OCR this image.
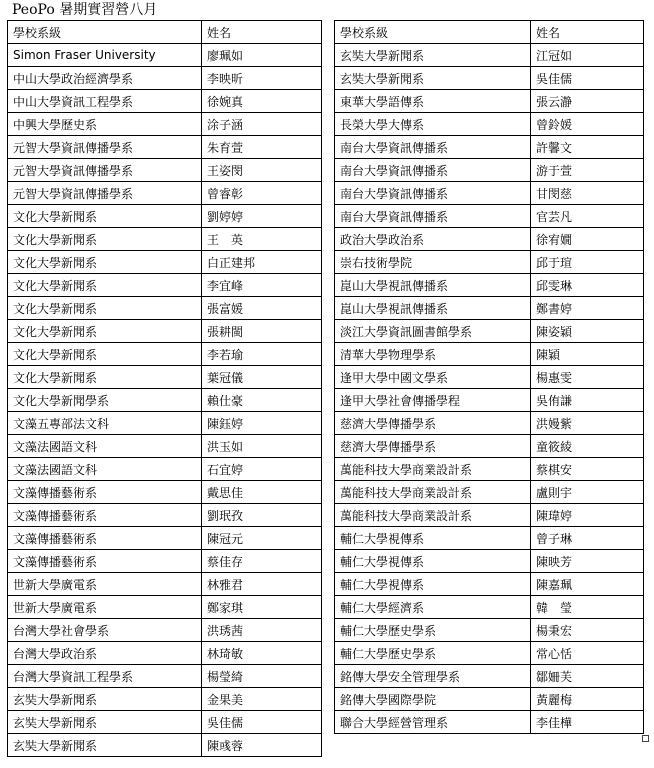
PeoPo 暑期實習營八月
學校系級	姓名
Simon Fraser University	廖珮如
中山大學政治經濟學系	李映昕
中山大學資訊工程學系	徐婉真
中興大學歷史系	涂子涵
元智大學資訊傳播學系	朱育萱
元智大學資訊傳播學系	王姿閔
元智大學資訊傳播學系	曾睿彰
文化大學新聞系	劉婷婷
文化大學新聞系	王　英
文化大學新聞系	白正建邦
文化大學新聞系	李宜峰
文化大學新聞系	張富媛
文化大學新聞系	張耕閩
文化大學新聞系	李若瑜
文化大學新聞系	葉冠儀
文化大學新聞學系	賴仕豪
文藻五專部法文科	陳鈺婷
文藻法國語文科	洪玉如
文藻法國語文科	石宜婷
文藻傳播藝術系	戴思佳
文藻傳播藝術系	劉珉孜
文藻傳播藝術系	陳冠元
文藻傳播藝術系	蔡佳存
世新大學廣電系	林雅君
世新大學廣電系	鄭家琪
台灣大學社會學系	洪琇茜
台灣大學政治系	林琦敏
台灣大學資訊工程學系	楊瑩綺
玄奘大學新聞系	金果美
玄奘大學新聞系	吳佳儒
玄奘大學新聞系	陳彧蓉
學校系級	姓名
玄奘大學新聞系	江冠如
玄奘大學新聞系	吳佳儒
東華大學語傳系	張云瀞
長榮大學大傳系	曾鈴媛
南台大學資訊傳播系	許馨文
南台大學資訊傳播系	游于萱
南台大學資訊傳播系	甘閔慈
南台大學資訊傳播系	官芸凡
政治大學政治系	徐宥嫺
崇右技術學院	邱于瑄
崑山大學視訊傳播系	邱雯琳
崑山大學視訊傳播系	鄭書婷
淡江大學資訊圖書館學系	陳姿穎
清華大學物理學系	陳穎
逢甲大學中國文學系	楊惠雯
逢甲大學社會傳播學程	吳侑謙
慈濟大學傳播學系	洪嫚紫
慈濟大學傳播學系	童筱綾
萬能科技大學商業設計系	蔡棋安
萬能科技大學商業設計系	盧則宇
萬能科技大學商業設計系	陳瑋婷
輔仁大學視傳系	曾子琳
輔仁大學視傳系	陳映芳
輔仁大學視傳系	陳嘉珮
輔仁大學經濟系	韓　瑩
輔仁大學歷史學系	楊秉宏
輔仁大學歷史學系	常心恬
銘傳大學安全管理學系	鄒姍芙
銘傳大學國際學院	黃麗梅
聯合大學經營管理系	李佳樺
